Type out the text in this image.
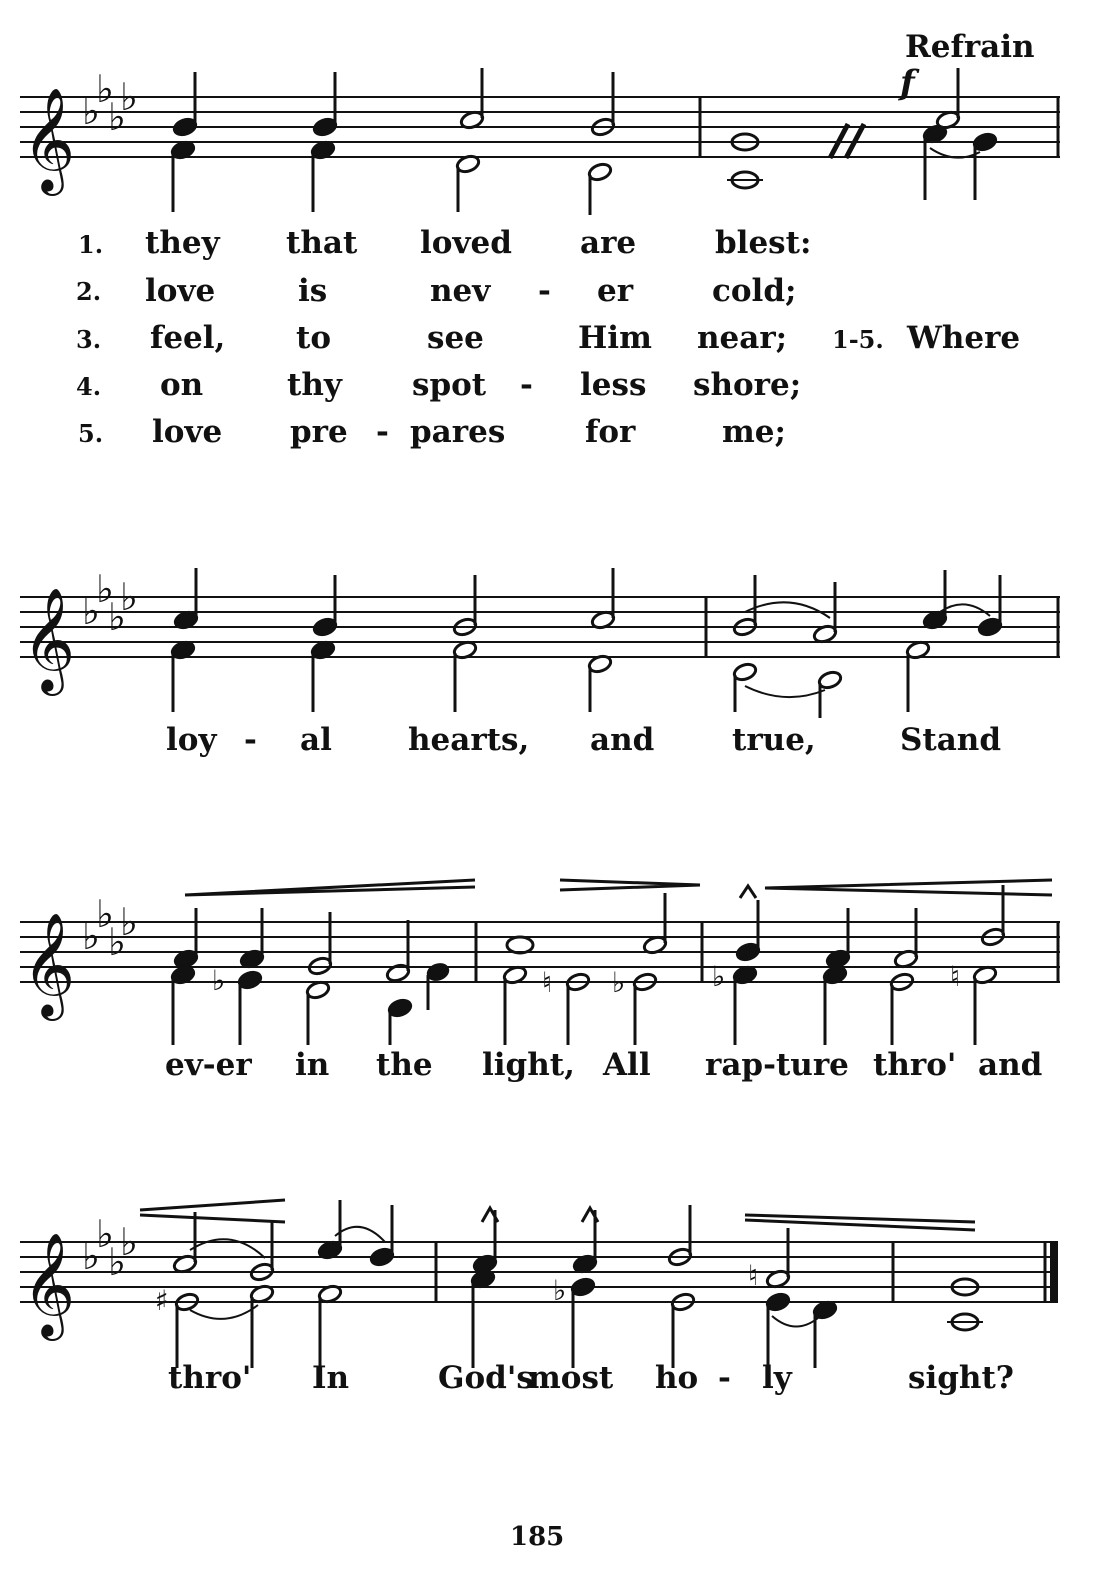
Refrain
f
𝄞 ♭
♭
♭
♭
1.
2.
3.
4.
5.
they that loved are	blest:
love	is	nev - er	cold;
feel, to	see	Him near; 1-5. Where
on	thy spot - less shore;
love pre - pares	for	me;
𝄞 ♭
♭
♭
♭
loy - al hearts, and	true,	Stand
𝄞 ♭
♭
♭
♭
♭	♮ ♭	♭	♮
ev-er in the light, All rap-ture thro' and
𝄞 ♭
♭
♭
♭
♮
♯	♭
thro' In	God's
most ho - ly	sight?
185
